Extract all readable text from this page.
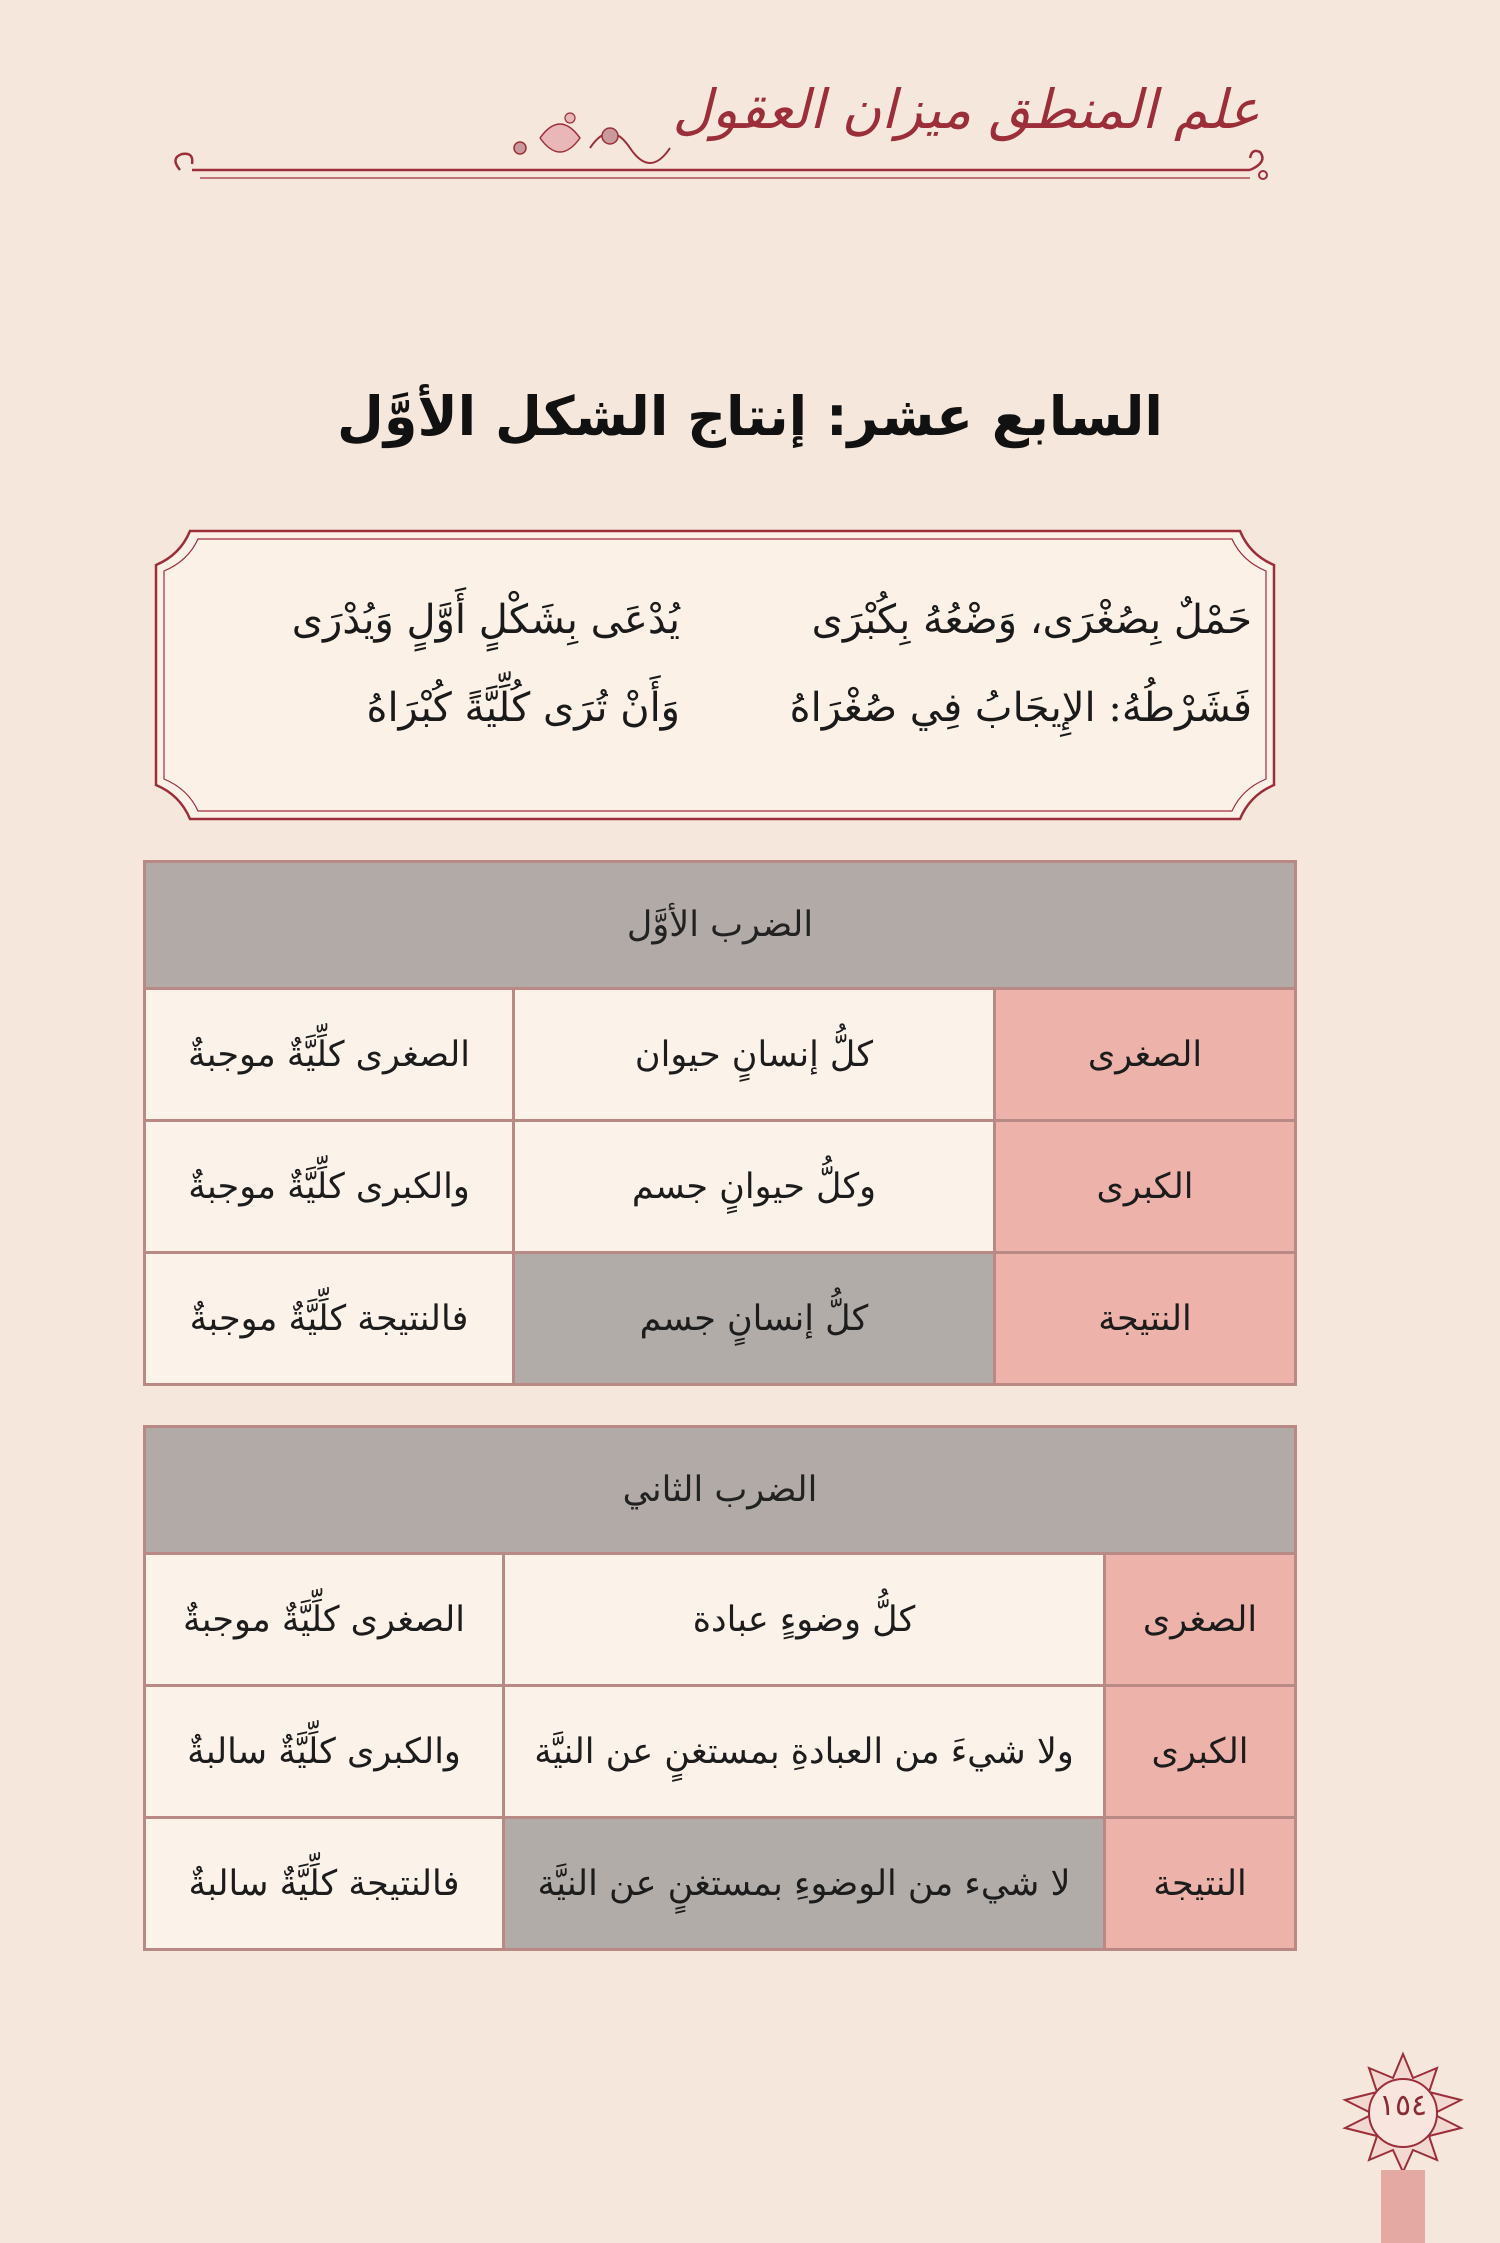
علم المنطق ميزان العقول
السابع عشر: إنتاج الشكل الأوَّل
حَمْلٌ بِصُغْرَى، وَضْعُهُ بِكُبْرَى
يُدْعَى بِشَكْلٍ أَوَّلٍ وَيُدْرَى
فَشَرْطُهُ: الإِيجَابُ فِي صُغْرَاهُ
وَأَنْ تُرَى كُلِّيَّةً كُبْرَاهُ
الضرب الأوَّل		
الصغرى	كلُّ إنسانٍ حيوان	الصغرى كلِّيَّةٌ موجبةٌ
الكبرى	وكلُّ حيوانٍ جسم	والكبرى كلِّيَّةٌ موجبةٌ
النتيجة	كلُّ إنسانٍ جسم	فالنتيجة كلِّيَّةٌ موجبةٌ
الضرب الثاني		
الصغرى	كلُّ وضوءٍ عبادة	الصغرى كلِّيَّةٌ موجبةٌ
الكبرى	ولا شيءَ من العبادةِ بمستغنٍ عن النيَّة	والكبرى كلِّيَّةٌ سالبةٌ
النتيجة	لا شيء من الوضوءِ بمستغنٍ عن النيَّة	فالنتيجة كلِّيَّةٌ سالبةٌ
١٥٤
